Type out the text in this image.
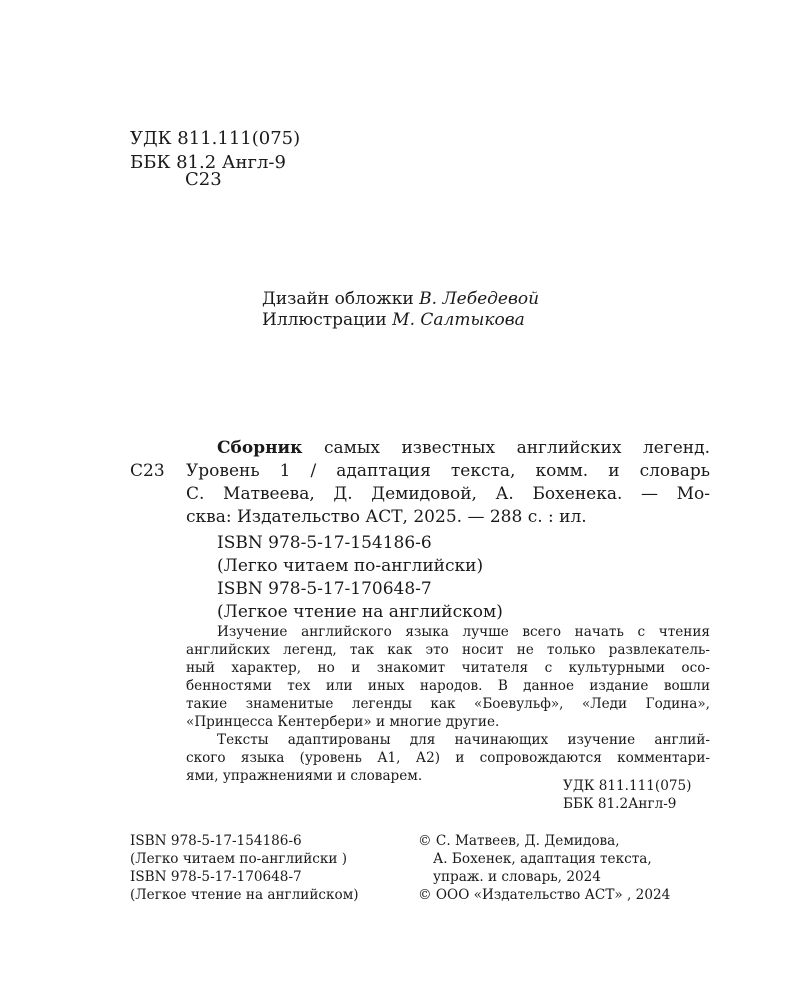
УДК 811.111(075)
ББК 81.2 Англ-9
С23
Дизайн обложки В. Лебедевой
Иллюстрации М. Салтыкова
С23
Сборник самых известных английских легенд.
Уровень 1 / адаптация текста, комм. и словарь
С. Матвеева, Д. Демидовой, А. Бохенека. — Мо-
сква: Издательство АСТ, 2025. — 288 с. : ил.
ISBN 978-5-17-154186-6
(Легко читаем по-английски)
ISBN 978-5-17-170648-7
(Легкое чтение на английском)
Изучение английского языка лучше всего начать с чтения
английских легенд, так как это носит не только развлекатель-
ный характер, но и знакомит читателя с культурными осо-
бенностями тех или иных народов. В данное издание вошли
такие знаменитые легенды как «Боевульф», «Леди Година»,
«Принцесса Кентербери» и многие другие.
Тексты адаптированы для начинающих изучение англий-
ского языка (уровень А1, А2) и сопровождаются комментари-
ями, упражнениями и словарем.
УДК 811.111(075)
ББК 81.2Англ-9
ISBN 978-5-17-154186-6
(Легко читаем по-английски )
ISBN 978-5-17-170648-7
(Легкое чтение на английском)
© С. Матвеев, Д. Демидова,
А. Бохенек, адаптация текста,
упраж. и словарь, 2024
© ООО «Издательство АСТ» , 2024
